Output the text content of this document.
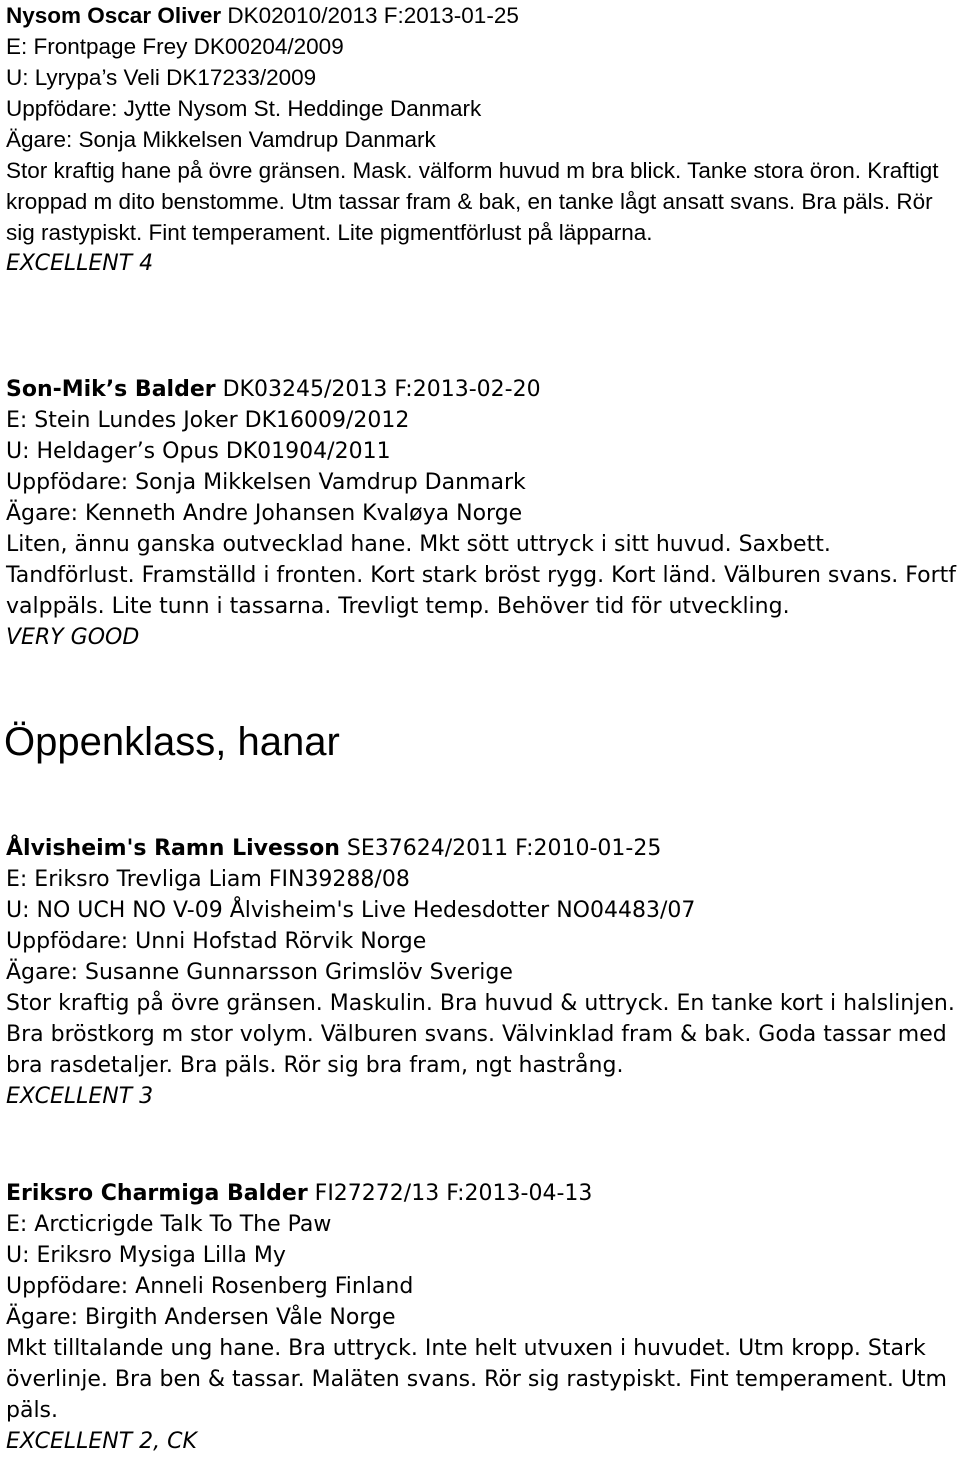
Nysom Oscar Oliver DK02010/2013 F:2013-01-25
E: Frontpage Frey DK00204/2009
U: Lyrypa’s Veli DK17233/2009
Uppfödare: Jytte Nysom St. Heddinge Danmark
Ägare: Sonja Mikkelsen Vamdrup Danmark
Stor kraftig hane på övre gränsen. Mask. välform huvud m bra blick. Tanke stora öron. Kraftigt kroppad m dito benstomme. Utm tassar fram & bak, en tanke lågt ansatt svans. Bra päls. Rör sig rastypiskt. Fint temperament. Lite pigmentförlust på läpparna.
EXCELLENT 4
Son-Mik’s Balder DK03245/2013 F:2013-02-20
E: Stein Lundes Joker DK16009/2012
U: Heldager’s Opus DK01904/2011
Uppfödare: Sonja Mikkelsen Vamdrup Danmark
Ägare: Kenneth Andre Johansen Kvaløya Norge
Liten, ännu ganska outvecklad hane. Mkt sött uttryck i sitt huvud. Saxbett. Tandförlust. Framställd i fronten. Kort stark bröst rygg. Kort länd. Välburen svans. Fortf valppäls. Lite tunn i tassarna. Trevligt temp. Behöver tid för utveckling.
VERY GOOD
Öppenklass, hanar
Ålvisheim's Ramn Livesson SE37624/2011 F:2010-01-25
E: Eriksro Trevliga Liam FIN39288/08
U: NO UCH NO V-09 Ålvisheim's Live Hedesdotter NO04483/07
Uppfödare: Unni Hofstad Rörvik Norge
Ägare: Susanne Gunnarsson Grimslöv Sverige
Stor kraftig på övre gränsen. Maskulin. Bra huvud & uttryck. En tanke kort i halslinjen. Bra bröstkorg m stor volym. Välburen svans. Välvinklad fram & bak. Goda tassar med bra rasdetaljer. Bra päls. Rör sig bra fram, ngt hastrång.
EXCELLENT 3
Eriksro Charmiga Balder FI27272/13 F:2013-04-13
E: Arcticrigde Talk To The Paw
U: Eriksro Mysiga Lilla My
Uppfödare: Anneli Rosenberg Finland
Ägare: Birgith Andersen Våle Norge
Mkt tilltalande ung hane. Bra uttryck. Inte helt utvuxen i huvudet. Utm kropp. Stark överlinje. Bra ben & tassar. Maläten svans. Rör sig rastypiskt. Fint temperament. Utm päls.
EXCELLENT 2, CK
